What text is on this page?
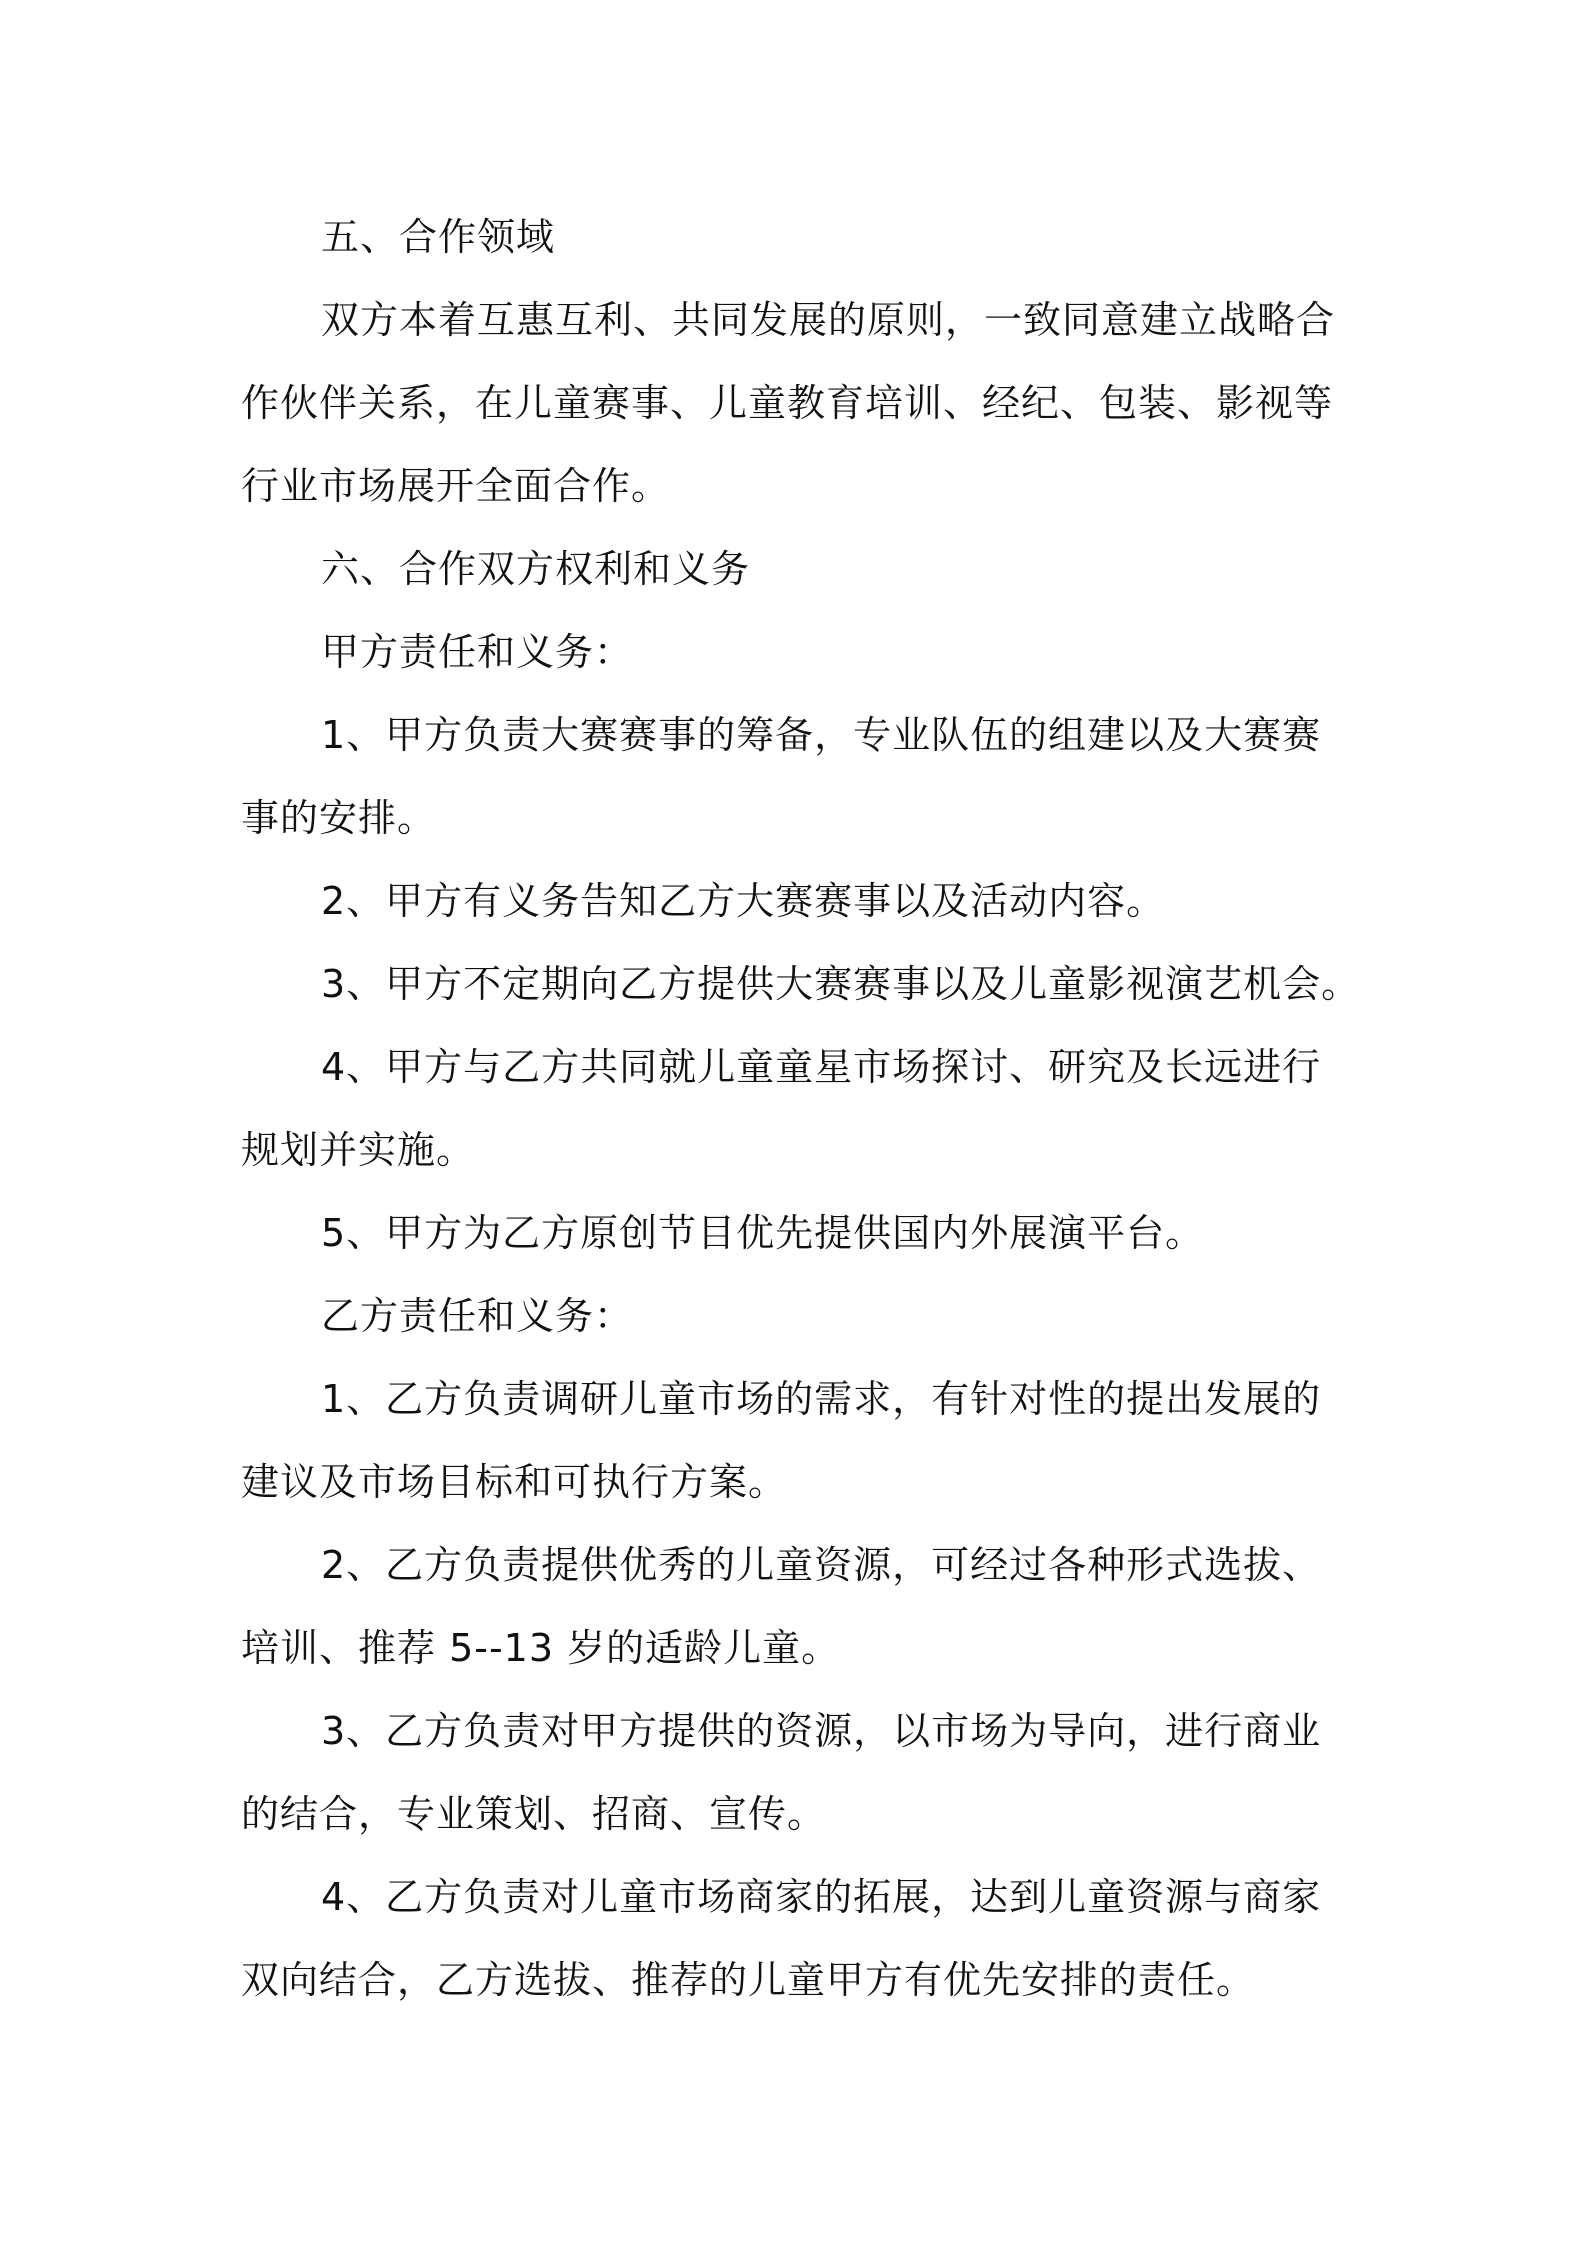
五、合作领域
双方本着互惠互利、共同发展的原则，一致同意建立战略合
作伙伴关系，在儿童赛事、儿童教育培训、经纪、包装、影视等
行业市场展开全面合作。
六、合作双方权利和义务
甲方责任和义务：
1、甲方负责大赛赛事的筹备，专业队伍的组建以及大赛赛
事的安排。
2、甲方有义务告知乙方大赛赛事以及活动内容。
3、甲方不定期向乙方提供大赛赛事以及儿童影视演艺机会。
4、甲方与乙方共同就儿童童星市场探讨、研究及长远进行
规划并实施。
5、甲方为乙方原创节目优先提供国内外展演平台。
乙方责任和义务：
1、乙方负责调研儿童市场的需求，有针对性的提出发展的
建议及市场目标和可执行方案。
2、乙方负责提供优秀的儿童资源，可经过各种形式选拔、
培训、推荐 5--13 岁的适龄儿童。
3、乙方负责对甲方提供的资源，以市场为导向，进行商业
的结合，专业策划、招商、宣传。
4、乙方负责对儿童市场商家的拓展，达到儿童资源与商家
双向结合，乙方选拔、推荐的儿童甲方有优先安排的责任。
